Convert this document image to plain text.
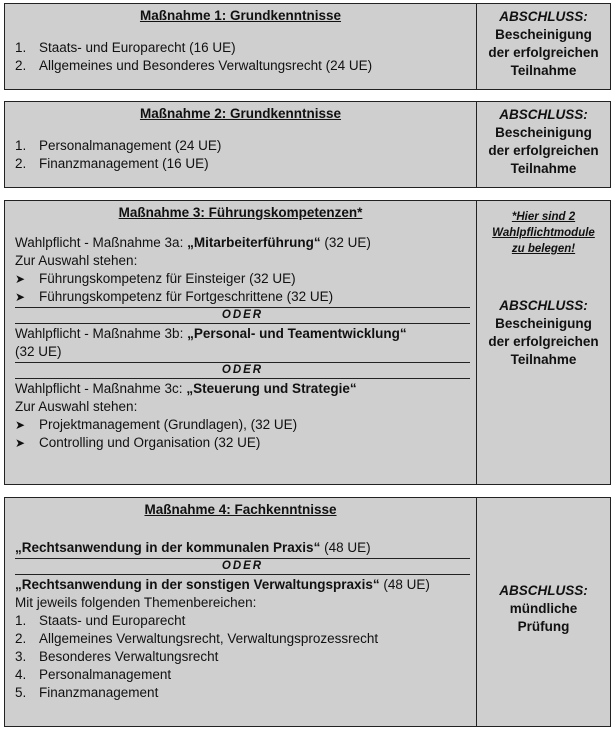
Maßnahme 1: Grundkenntnisse
1. Staats- und Europarecht (16 UE)
2. Allgemeines und Besonderes Verwaltungsrecht (24 UE)
ABSCHLUSS:
Bescheinigung
der erfolgreichen
Teilnahme
Maßnahme 2: Grundkenntnisse
1. Personalmanagement (24 UE)
2. Finanzmanagement (16 UE)
ABSCHLUSS:
Bescheinigung
der erfolgreichen
Teilnahme
Maßnahme 3: Führungskompetenzen*
Wahlpflicht - Maßnahme 3a: „Mitarbeiterführung“ (32 UE)
Zur Auswahl stehen:
➤	Führungskompetenz für Einsteiger (32 UE)
➤	Führungskompetenz für Fortgeschrittene (32 UE)
ODER
Wahlpflicht - Maßnahme 3b: „Personal- und Teamentwicklung“
(32 UE)
ODER
Wahlpflicht - Maßnahme 3c: „Steuerung und Strategie“
Zur Auswahl stehen:
➤	Projektmanagement (Grundlagen), (32 UE)
➤	Controlling und Organisation (32 UE)
*Hier sind 2
Wahlpflichtmodule
zu belegen!
ABSCHLUSS:
Bescheinigung
der erfolgreichen
Teilnahme
Maßnahme 4: Fachkenntnisse
„Rechtsanwendung in der kommunalen Praxis“ (48 UE)
ODER
„Rechtsanwendung in der sonstigen Verwaltungspraxis“ (48 UE)
Mit jeweils folgenden Themenbereichen:
1. Staats- und Europarecht
2. Allgemeines Verwaltungsrecht, Verwaltungsprozessrecht
3. Besonderes Verwaltungsrecht
4. Personalmanagement
5. Finanzmanagement
ABSCHLUSS:
mündliche
Prüfung
